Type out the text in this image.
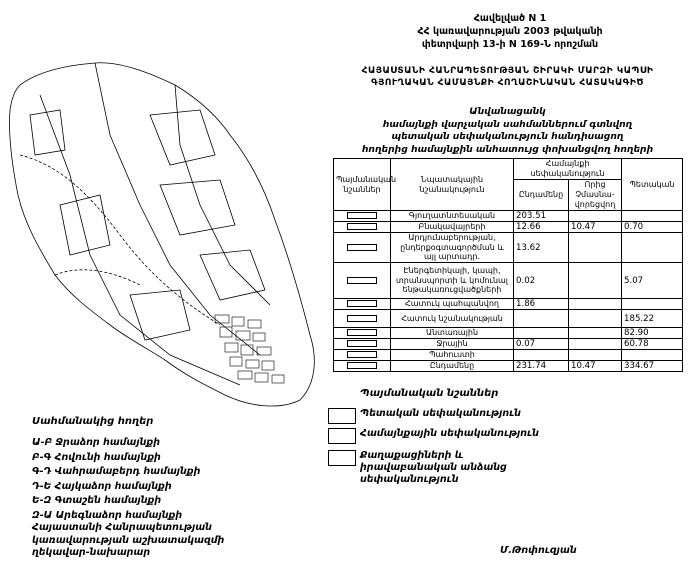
Հավելված N 1
ՀՀ կառավարության 2003 թվականի
փետրվարի 13-ի N 169-Ն որոշման
ՀԱՅԱՍՏԱՆԻ ՀԱՆՐԱՊԵՏՈՒԹՅԱՆ ՇԻՐԱԿԻ ՄԱՐԶԻ ԿԱՊՍԻ
ԳՅՈՒՂԱԿԱՆ ՀԱՄԱՅՆՔԻ ՀՈՂԱՇԻՆԱԿԱՆ ՀԱՏԱԿԱԳԻԾ
Անվանացանկ
համայնքի վարչական սահմաններում գտնվող
պետական սեփականություն հանդիսացող
հողերից համայնքին անհատույց փոխանցվող հողերի
Պայմանական նշաններ	Նպատակային նշանակություն	Համայնքի սեփականություն		Պետական
		Ընդամենը	Որից Չմասնա-վորեցվող	
	Գյուղատնտեսական	203.51		
	Բնակավայրերի	12.66	10.47	0.70
	Արդյունաբերության, ընդերքօգտագործման և այլ արտադր.	13.62		
	Էներգետիկայի, կապի, տրանսպորտի և կոմունալ ենթակառուցվածքների	0.02		5.07
	Հատուկ պահպանվող	1.86		
	Հատուկ նշանակության			185.22
	Անտառային			82.90
	Ջրային	0.07		60.78
	Պահուստի			
	Ընդամենը	231.74	10.47	334.67
Պայմանական նշաններ
Պետական սեփականություն
Համայնքային սեփականություն
Քաղաքացիների և իրավաբանական անձանց սեփականություն
Սահմանակից հողեր
Ա-Բ Ջրաձոր համայնքի
Բ-Գ Հովունի համայնքի
Գ-Դ Վահրամաբերդ համայնքի
Դ-Ե Հայկաձոր համայնքի
Ե-Զ Գտաշեն համայնքի
Զ-Ա Արեգնաձոր համայնքի
Հայաստանի Հանրապետության
կառավարության աշխատակազմի
ղեկավար-նախարար	Մ.Թոփուզյան
